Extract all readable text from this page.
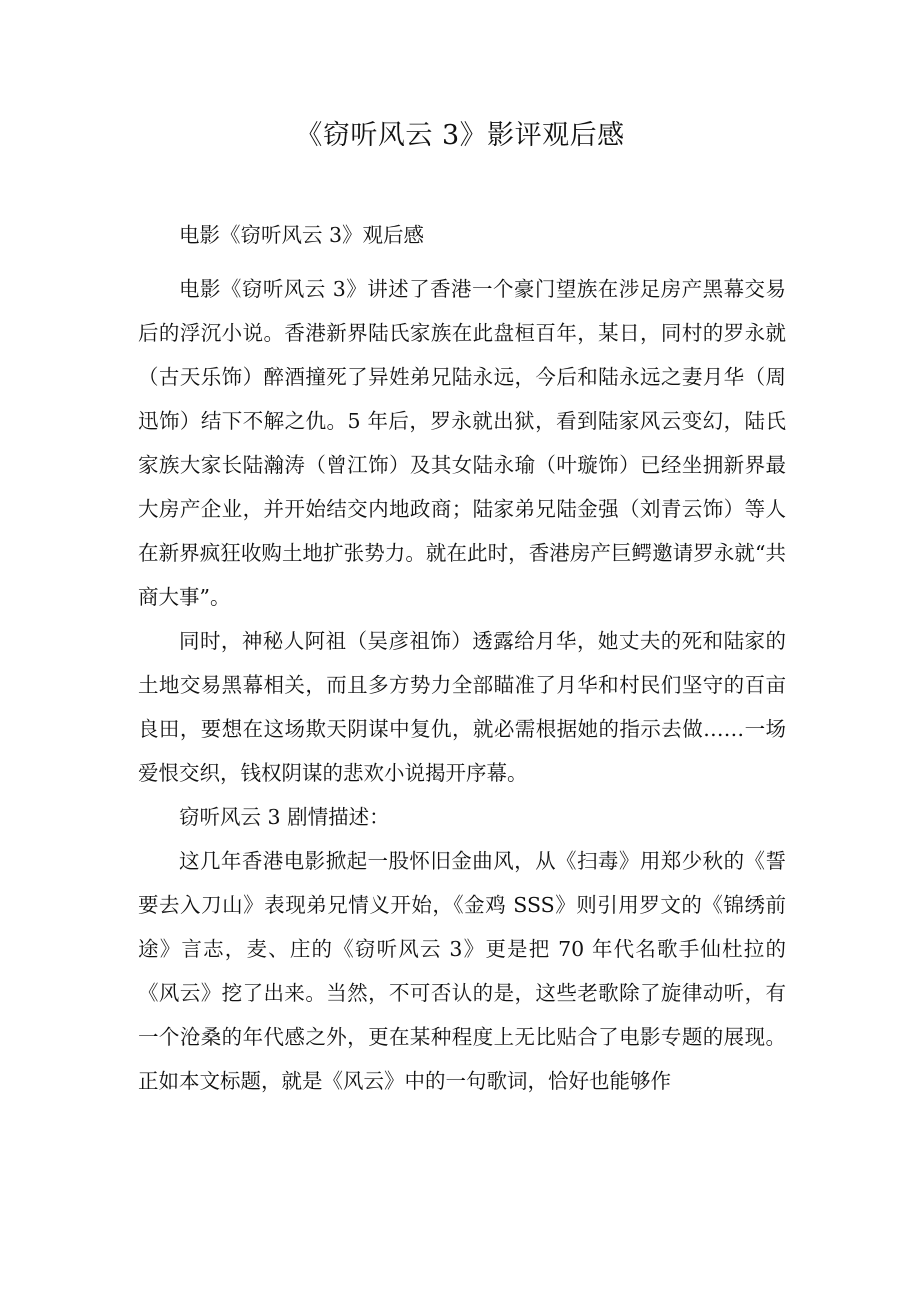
《窃听风云 3》影评观后感

电影《窃听风云 3》观后感

电影《窃听风云 3》讲述了香港一个豪门望族在涉足房产黑幕交易后的浮沉小说。香港新界陆氏家族在此盘桓百年，某日，同村的罗永就（古天乐饰）醉酒撞死了异姓弟兄陆永远，今后和陆永远之妻月华（周迅饰）结下不解之仇。5 年后，罗永就出狱，看到陆家风云变幻，陆氏家族大家长陆瀚涛（曾江饰）及其女陆永瑜（叶璇饰）已经坐拥新界最大房产企业，并开始结交内地政商；陆家弟兄陆金强（刘青云饰）等人在新界疯狂收购土地扩张势力。就在此时，香港房产巨鳄邀请罗永就“共商大事”。

同时，神秘人阿祖（吴彦祖饰）透露给月华，她丈夫的死和陆家的土地交易黑幕相关，而且多方势力全部瞄准了月华和村民们坚守的百亩良田，要想在这场欺天阴谋中复仇，就必需根据她的指示去做……一场爱恨交织，钱权阴谋的悲欢小说揭开序幕。

窃听风云 3 剧情描述：

这几年香港电影掀起一股怀旧金曲风，从《扫毒》用郑少秋的《誓要去入刀山》表现弟兄情义开始，《金鸡 SSS》则引用罗文的《锦绣前途》言志，麦、庄的《窃听风云 3》更是把 70 年代名歌手仙杜拉的《风云》挖了出来。当然，不可否认的是，这些老歌除了旋律动听，有一个沧桑的年代感之外，更在某种程度上无比贴合了电影专题的展现。正如本文标题，就是《风云》中的一句歌词，恰好也能够作
